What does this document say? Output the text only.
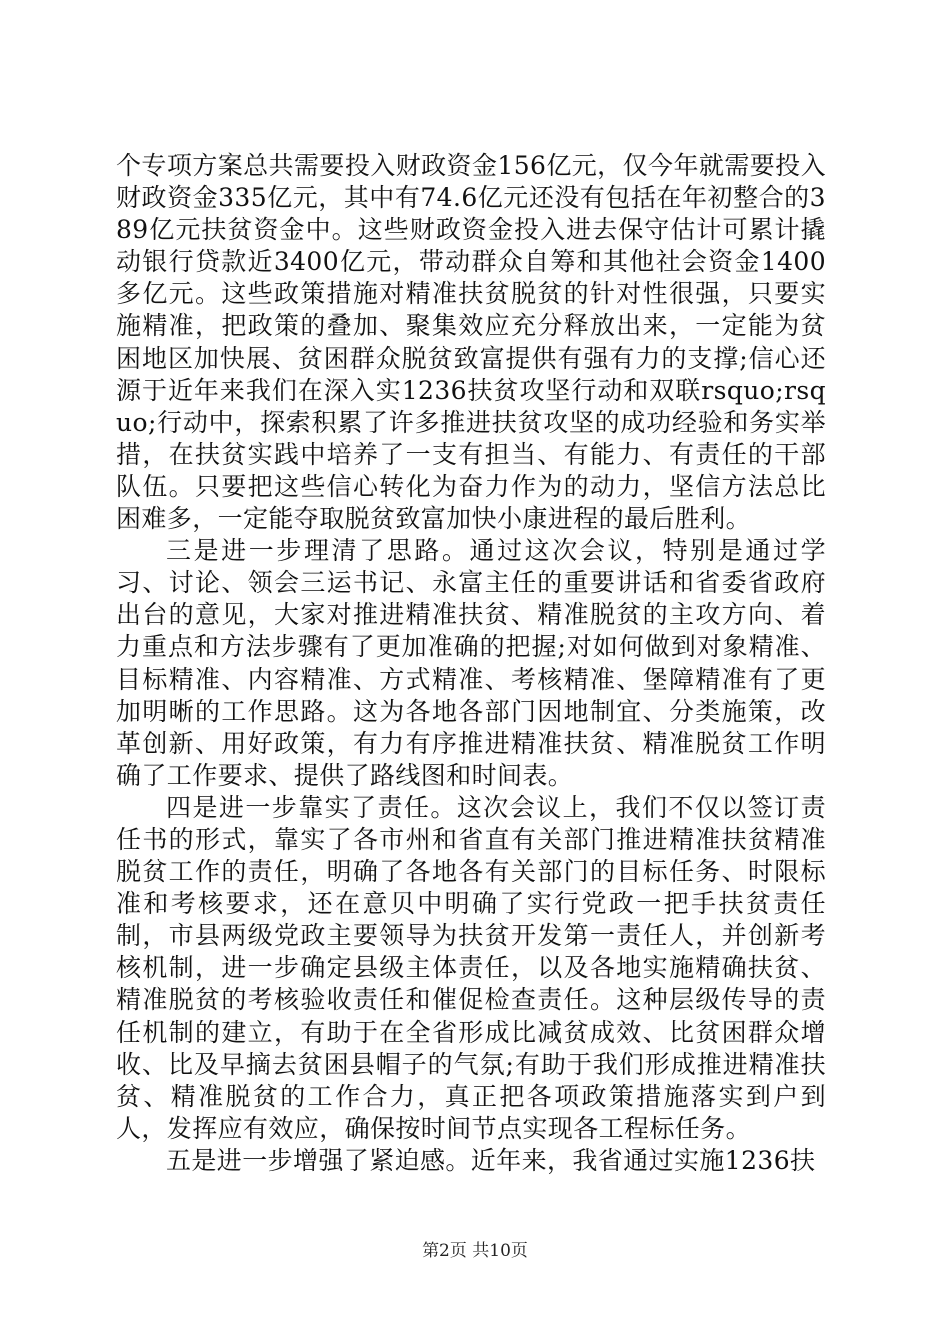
个专项方案总共需要投入财政资金156亿元，仅今年就需要投入财政资金335亿元，其中有74.6亿元还没有包括在年初整合的389亿元扶贫资金中。这些财政资金投入进去保守估计可累计撬动银行贷款近3400亿元，带动群众自筹和其他社会资金1400多亿元。这些政策措施对精准扶贫脱贫的针对性很强，只要实施精准，把政策的叠加、聚集效应充分释放出来，一定能为贫困地区加快展、贫困群众脱贫致富提供有强有力的支撑;信心还源于近年来我们在深入实1236扶贫攻坚行动和双联rsquo;rsquo;行动中，探索积累了许多推进扶贫攻坚的成功经验和务实举措，在扶贫实践中培养了一支有担当、有能力、有责任的干部队伍。只要把这些信心转化为奋力作为的动力，坚信方法总比困难多，一定能夺取脱贫致富加快小康进程的最后胜利。

三是进一步理清了思路。通过这次会议，特别是通过学习、讨论、领会三运书记、永富主任的重要讲话和省委省政府出台的意见，大家对推进精准扶贫、精准脱贫的主攻方向、着力重点和方法步骤有了更加准确的把握;对如何做到对象精准、目标精准、内容精准、方式精准、考核精准、堡障精准有了更加明晰的工作思路。这为各地各部门因地制宜、分类施策，改革创新、用好政策，有力有序推进精准扶贫、精准脱贫工作明确了工作要求、提供了路线图和时间表。

四是进一步靠实了责任。这次会议上，我们不仅以签订责任书的形式，靠实了各市州和省直有关部门推进精准扶贫精准脱贫工作的责任，明确了各地各有关部门的目标任务、时限标准和考核要求，还在意贝中明确了实行党政一把手扶贫责任制，市县两级党政主要领导为扶贫开发第一责任人，并创新考核机制，进一步确定县级主体责任，以及各地实施精确扶贫、精准脱贫的考核验收责任和催促检查责任。这种层级传导的责任机制的建立，有助于在全省形成比减贫成效、比贫困群众增收、比及早摘去贫困县帽子的气氛;有助于我们形成推进精准扶贫、精准脱贫的工作合力，真正把各项政策措施落实到户到人，发挥应有效应，确保按时间节点实现各工程标任务。

五是进一步增强了紧迫感。近年来，我省通过实施1236扶

第2页 共10页
